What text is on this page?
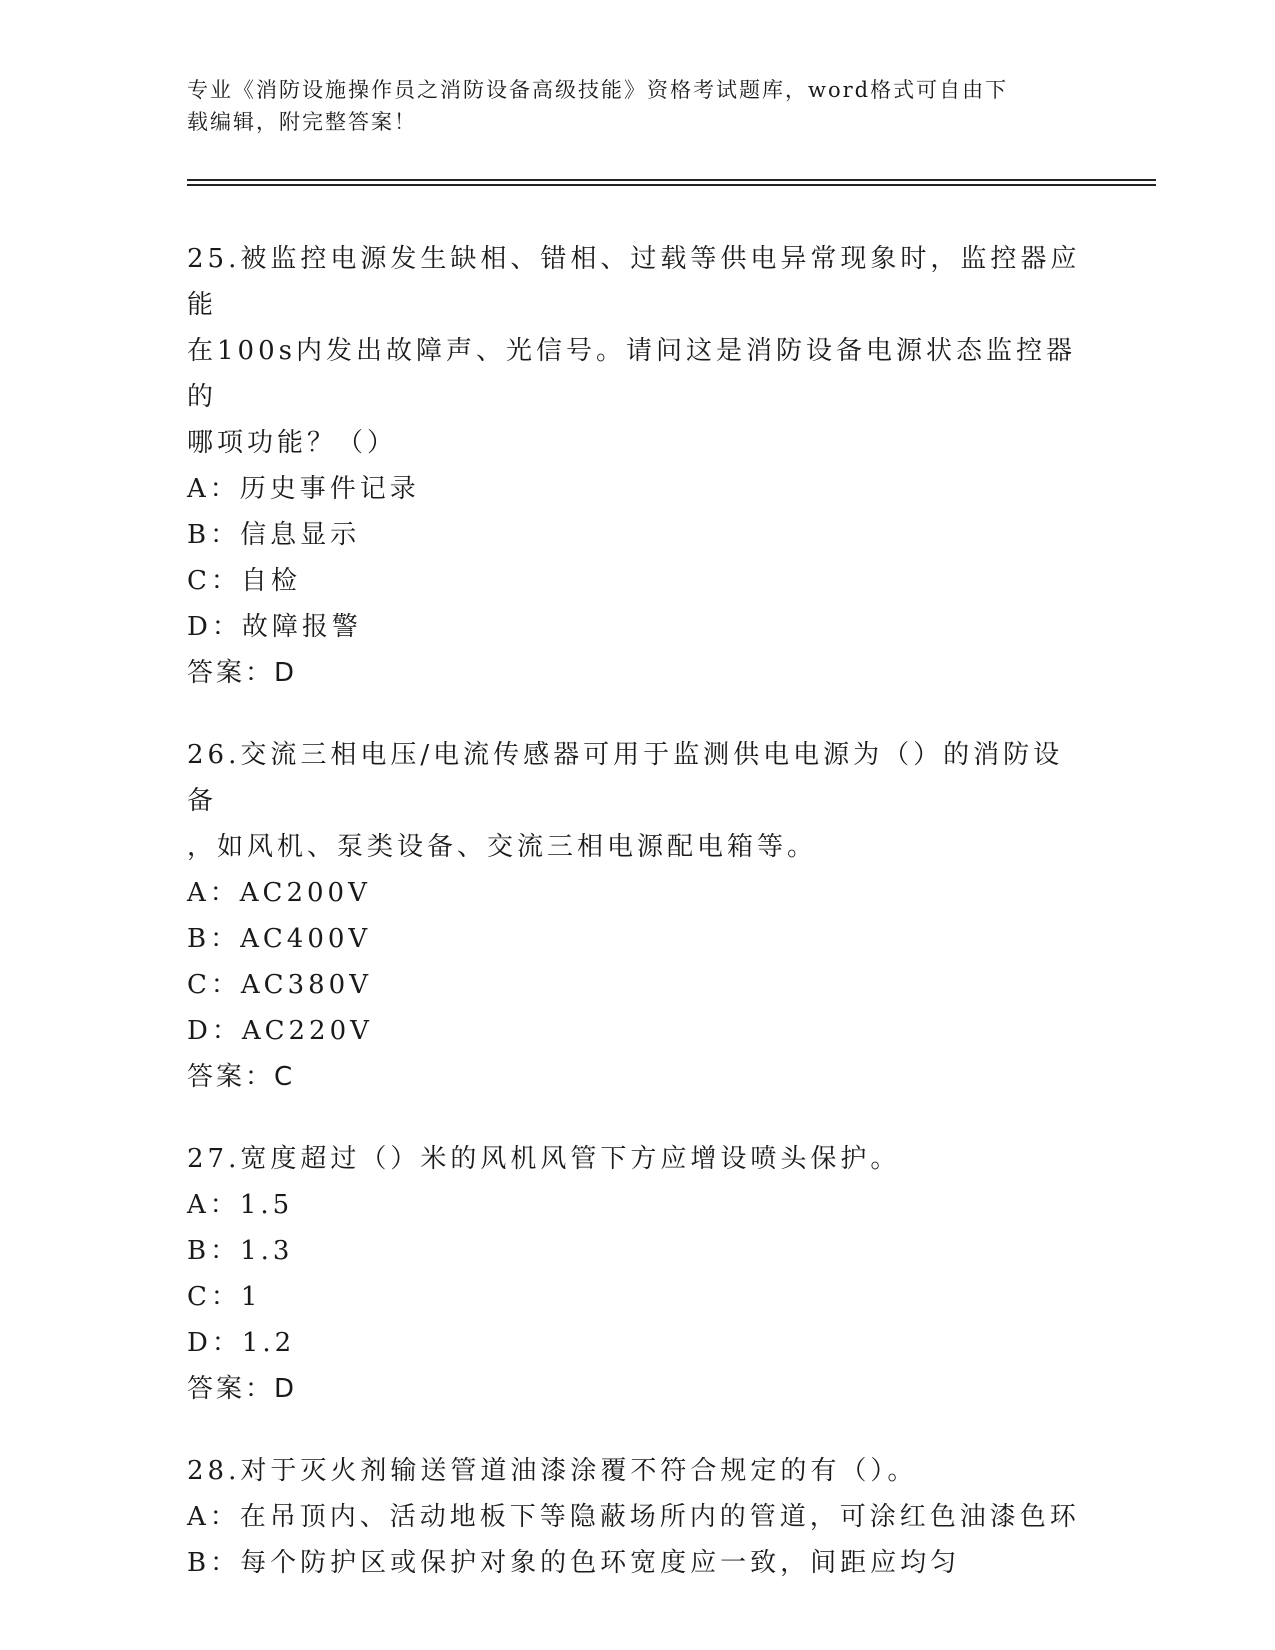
专业《消防设施操作员之消防设备高级技能》资格考试题库，word格式可自由下
载编辑，附完整答案！

25.被监控电源发生缺相、错相、过载等供电异常现象时，监控器应能

在100s内发出故障声、光信号。请问这是消防设备电源状态监控器的

哪项功能？（）

A：历史事件记录

B：信息显示

C：自检

D：故障报警

答案：D

26.交流三相电压/电流传感器可用于监测供电电源为（）的消防设备

，如风机、泵类设备、交流三相电源配电箱等。

A：AC200V

B：AC400V

C：AC380V

D：AC220V

答案：C

27.宽度超过（）米的风机风管下方应增设喷头保护。

A：1.5

B：1.3

C：1

D：1.2

答案：D

28.对于灭火剂输送管道油漆涂覆不符合规定的有（）。

A：在吊顶内、活动地板下等隐蔽场所内的管道，可涂红色油漆色环

B：每个防护区或保护对象的色环宽度应一致，间距应均匀
